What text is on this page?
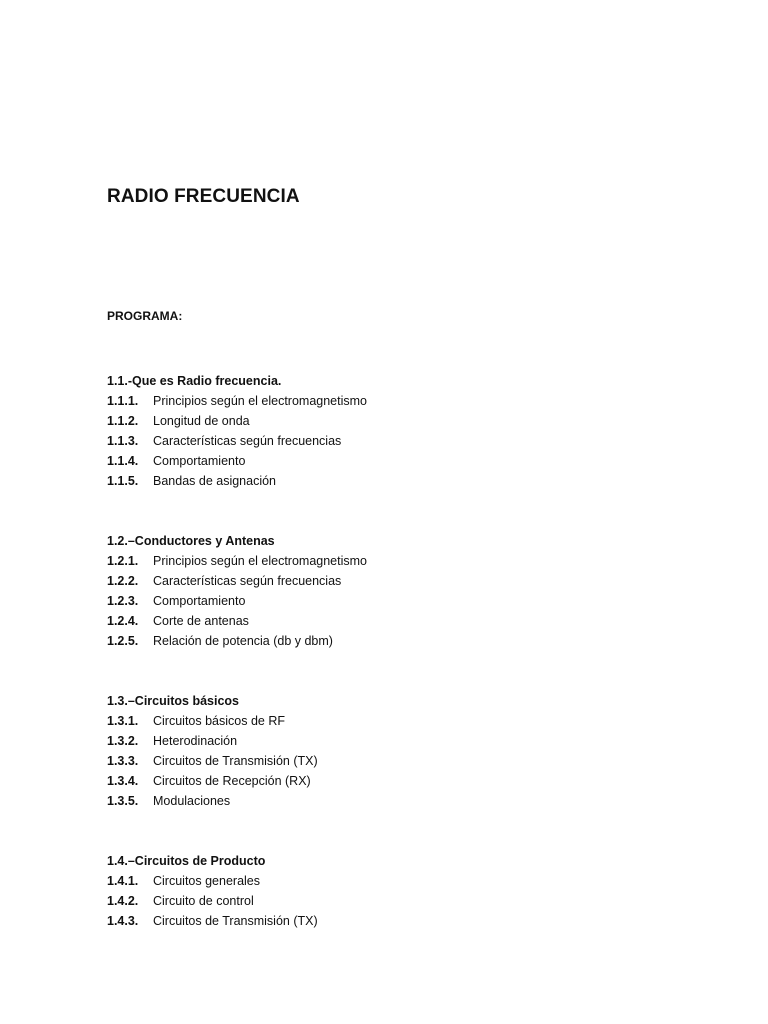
RADIO FRECUENCIA
PROGRAMA:
1.1.-Que es Radio frecuencia.
1.1.1.	Principios según el electromagnetismo
1.1.2.	Longitud de onda
1.1.3.	Características según frecuencias
1.1.4.	Comportamiento
1.1.5.	Bandas de asignación
1.2.–Conductores y Antenas
1.2.1.	Principios según el electromagnetismo
1.2.2.	Características según frecuencias
1.2.3.	Comportamiento
1.2.4.	Corte de antenas
1.2.5.	Relación de potencia (db y dbm)
1.3.–Circuitos básicos
1.3.1.	Circuitos básicos de RF
1.3.2.	Heterodinación
1.3.3.	Circuitos de Transmisión (TX)
1.3.4.	Circuitos de Recepción (RX)
1.3.5.	Modulaciones
1.4.–Circuitos de Producto
1.4.1.	Circuitos generales
1.4.2.	Circuito de control
1.4.3.	Circuitos de Transmisión (TX)
